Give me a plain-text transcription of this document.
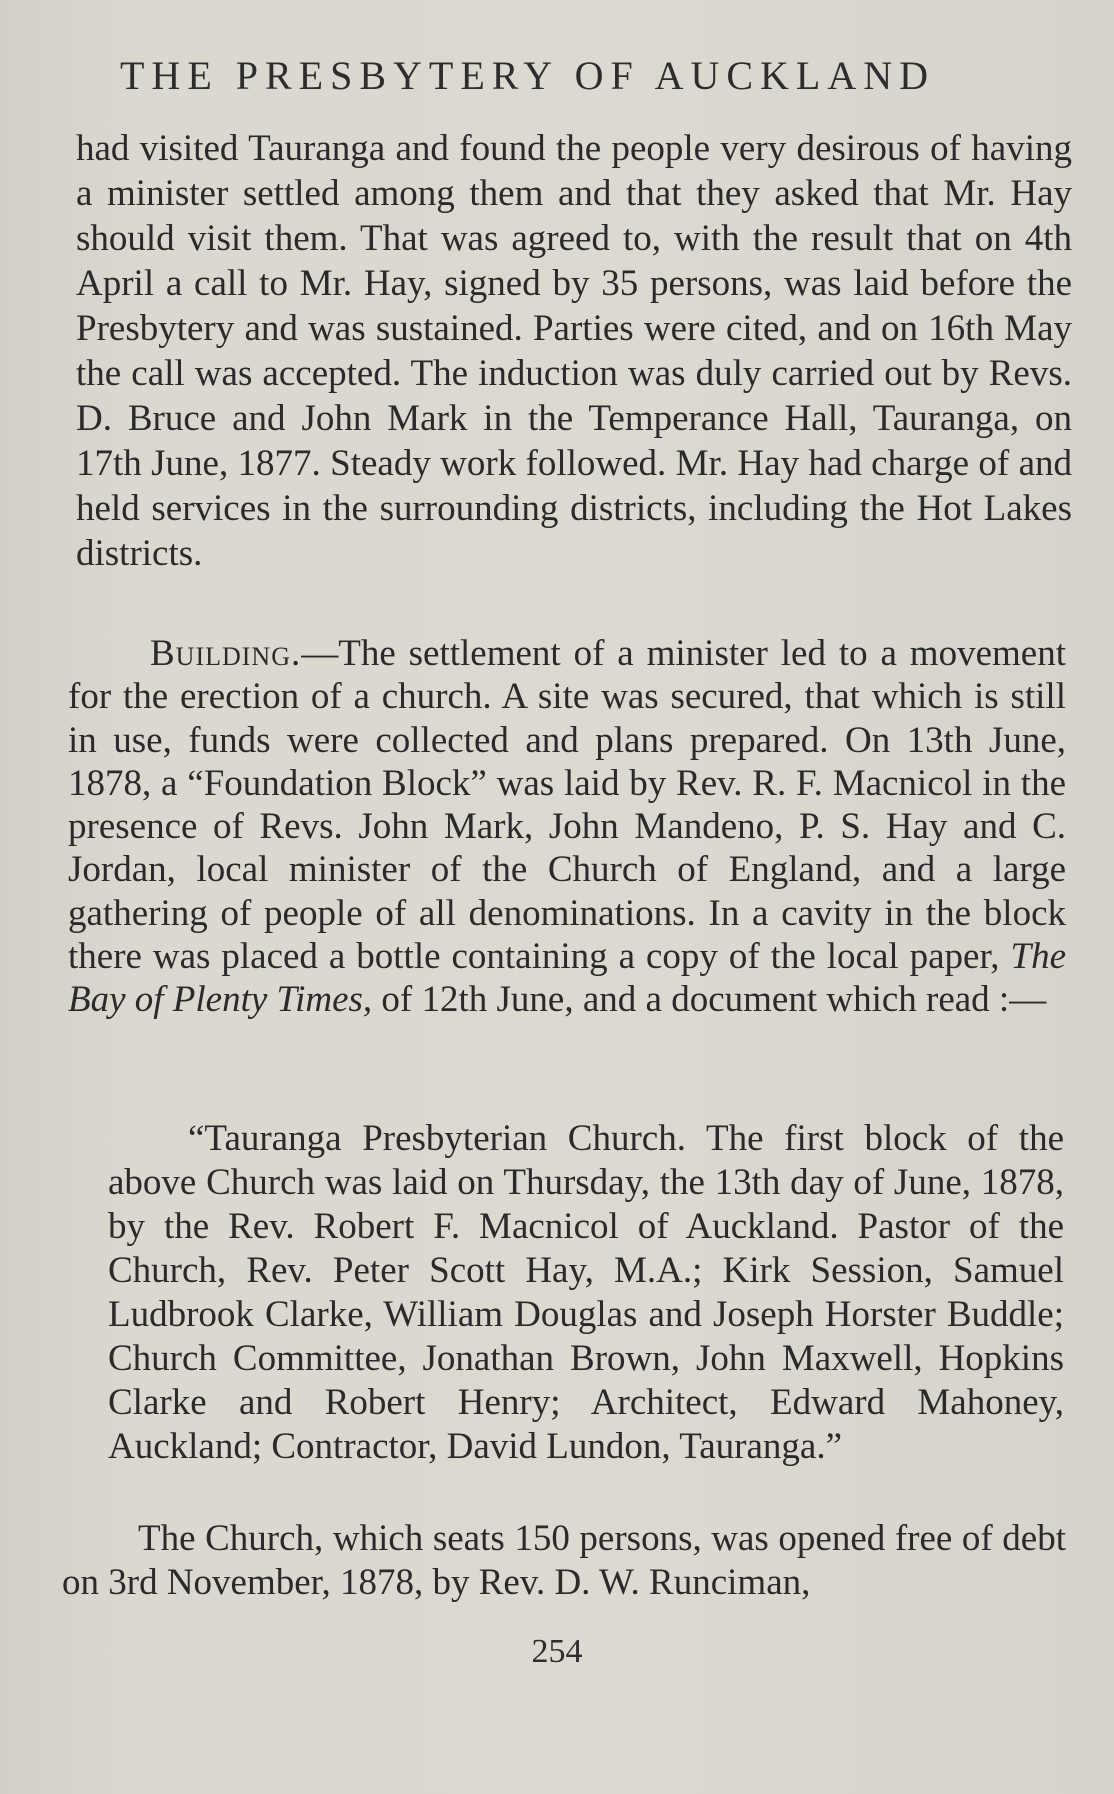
THE PRESBYTERY OF AUCKLAND

had visited Tauranga and found the people very desirous of having a minister settled among them and that they asked that Mr. Hay should visit them. That was agreed to, with the result that on 4th April a call to Mr. Hay, signed by 35 persons, was laid before the Presbytery and was sustained. Parties were cited, and on 16th May the call was accepted. The induction was duly carried out by Revs. D. Bruce and John Mark in the Temperance Hall, Tauranga, on 17th June, 1877. Steady work followed. Mr. Hay had charge of and held services in the surrounding districts, including the Hot Lakes districts.

Building.—The settlement of a minister led to a movement for the erection of a church. A site was secured, that which is still in use, funds were collected and plans prepared. On 13th June, 1878, a “Foundation Block” was laid by Rev. R. F. Macnicol in the presence of Revs. John Mark, John Mandeno, P. S. Hay and C. Jordan, local minister of the Church of England, and a large gathering of people of all denominations. In a cavity in the block there was placed a bottle containing a copy of the local paper, The Bay of Plenty Times, of 12th June, and a document which read :—

“Tauranga Presbyterian Church. The first block of the above Church was laid on Thursday, the 13th day of June, 1878, by the Rev. Robert F. Macnicol of Auckland. Pastor of the Church, Rev. Peter Scott Hay, M.A.; Kirk Session, Samuel Ludbrook Clarke, William Douglas and Joseph Horster Buddle; Church Committee, Jonathan Brown, John Maxwell, Hopkins Clarke and Robert Henry; Architect, Edward Mahoney, Auckland; Contractor, David Lundon, Tauranga.”

The Church, which seats 150 persons, was opened free of debt on 3rd November, 1878, by Rev. D. W. Runciman,

254
